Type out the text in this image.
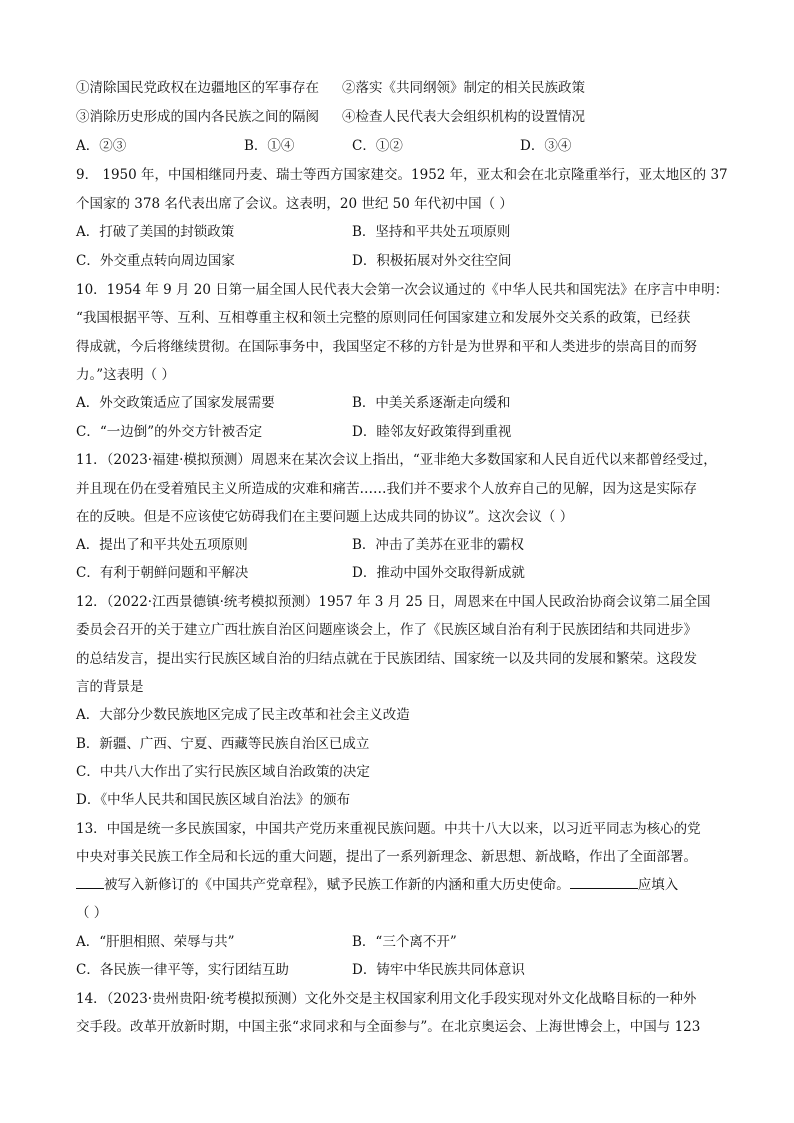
①清除国民党政权在边疆地区的军事存在 ②落实《共同纲领》制定的相关民族政策
③消除历史形成的国内各民族之间的隔阂 ④检查人民代表大会组织机构的设置情况
A．②③	B．①④	C．①②	D．③④
9． 1950 年，中国相继同丹麦、瑞士等西方国家建交。1952 年，亚太和会在北京隆重举行，亚太地区的 37
个国家的 378 名代表出席了会议。这表明，20 世纪 50 年代初中国（ ）
A．打破了美国的封锁政策	B．坚持和平共处五项原则
C．外交重点转向周边国家	D．积极拓展对外交往空间
10．1954 年 9 月 20 日第一届全国人民代表大会第一次会议通过的《中华人民共和国宪法》在序言中申明：
“我国根据平等、互利、互相尊重主权和领土完整的原则同任何国家建立和发展外交关系的政策，已经获
得成就，今后将继续贯彻。在国际事务中，我国坚定不移的方针是为世界和平和人类进步的崇高目的而努
力。”这表明（ ）
A．外交政策适应了国家发展需要	B．中美关系逐渐走向缓和
C．“一边倒”的外交方针被否定	D．睦邻友好政策得到重视
11．（2023·福建·模拟预测）周恩来在某次会议上指出，“亚非绝大多数国家和人民自近代以来都曾经受过，
并且现在仍在受着殖民主义所造成的灾难和痛苦……我们并不要求个人放弃自己的见解，因为这是实际存
在的反映。但是不应该使它妨碍我们在主要问题上达成共同的协议”。这次会议（ ）
A．提出了和平共处五项原则	B．冲击了美苏在亚非的霸权
C．有利于朝鲜问题和平解决	D．推动中国外交取得新成就
12．（2022·江西景德镇·统考模拟预测）1957 年 3 月 25 日，周恩来在中国人民政治协商会议第二届全国
委员会召开的关于建立广西壮族自治区问题座谈会上，作了《民族区域自治有利于民族团结和共同进步》
的总结发言，提出实行民族区域自治的归结点就在于民族团结、国家统一以及共同的发展和繁荣。这段发
言的背景是
A．大部分少数民族地区完成了民主改革和社会主义改造
B．新疆、广西、宁夏、西藏等民族自治区已成立
C．中共八大作出了实行民族区域自治政策的决定
D．《中华人民共和国民族区域自治法》的颁布
13．中国是统一多民族国家，中国共产党历来重视民族问题。中共十八大以来，以习近平同志为核心的党
中央对事关民族工作全局和长远的重大问题，提出了一系列新理念、新思想、新战略，作出了全面部署。
被写入新修订的《中国共产党章程》，赋予民族工作新的内涵和重大历史使命。	应填入
（ ）
A．“肝胆相照、荣辱与共”	B．“三个离不开”
C．各民族一律平等，实行团结互助	D．铸牢中华民族共同体意识
14．（2023·贵州贵阳·统考模拟预测）文化外交是主权国家利用文化手段实现对外文化战略目标的一种外
交手段。改革开放新时期，中国主张“求同求和与全面参与”。在北京奥运会、上海世博会上，中国与 123
